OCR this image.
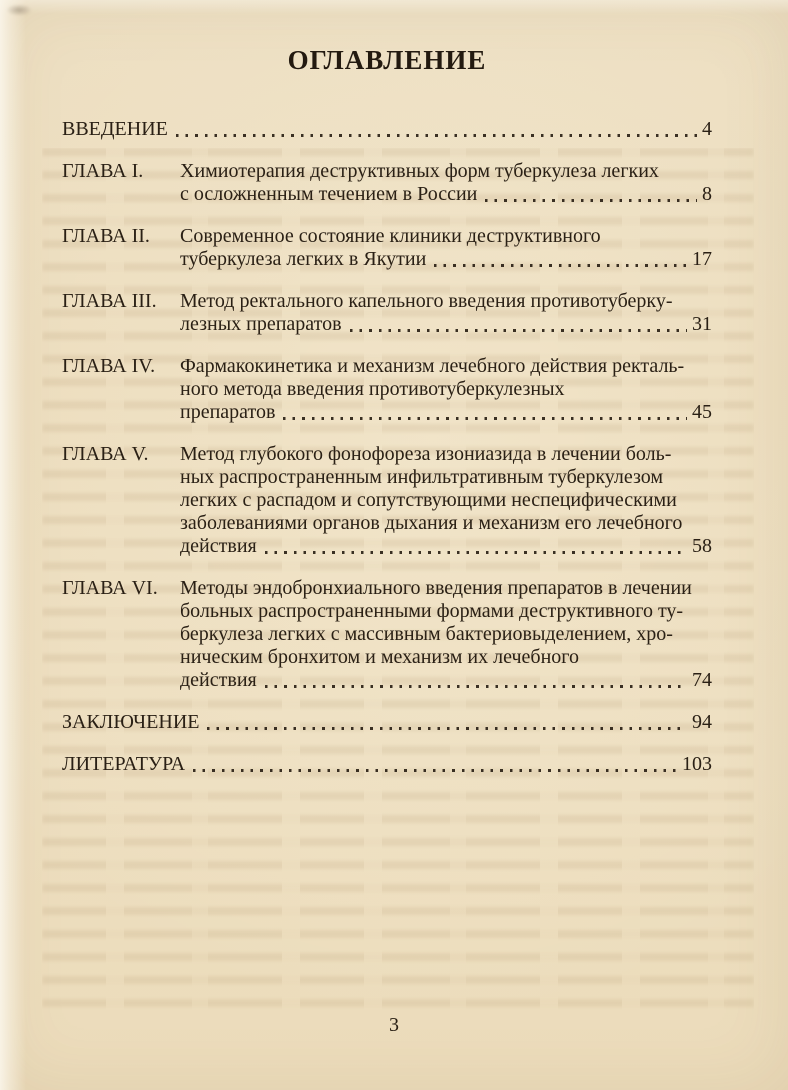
ОГЛАВЛЕНИЕ
ВВЕДЕНИЕ	4
ГЛАВА I.	Химиотерапия деструктивных форм туберкулеза легких
с осложненным течением в России	8
ГЛАВА II.	Современное состояние клиники деструктивного
туберкулеза легких в Якутии	17
ГЛАВА III.	Метод ректального капельного введения противотуберку-
лезных препаратов	31
ГЛАВА IV.	Фармакокинетика и механизм лечебного действия ректаль-
ного метода введения противотуберкулезных
препаратов	45
ГЛАВА V.	Метод глубокого фонофореза изониазида в лечении боль-
ных распространенным инфильтративным туберкулезом
легких с распадом и сопутствующими неспецифическими
заболеваниями органов дыхания и механизм его лечебного
действия	58
ГЛАВА VI.	Методы эндобронхиального введения препаратов в лечении
больных распространенными формами деструктивного ту-
беркулеза легких с массивным бактериовыделением, хро-
ническим бронхитом и механизм их лечебного
действия	74
ЗАКЛЮЧЕНИЕ	94
ЛИТЕРАТУРА	103
3
